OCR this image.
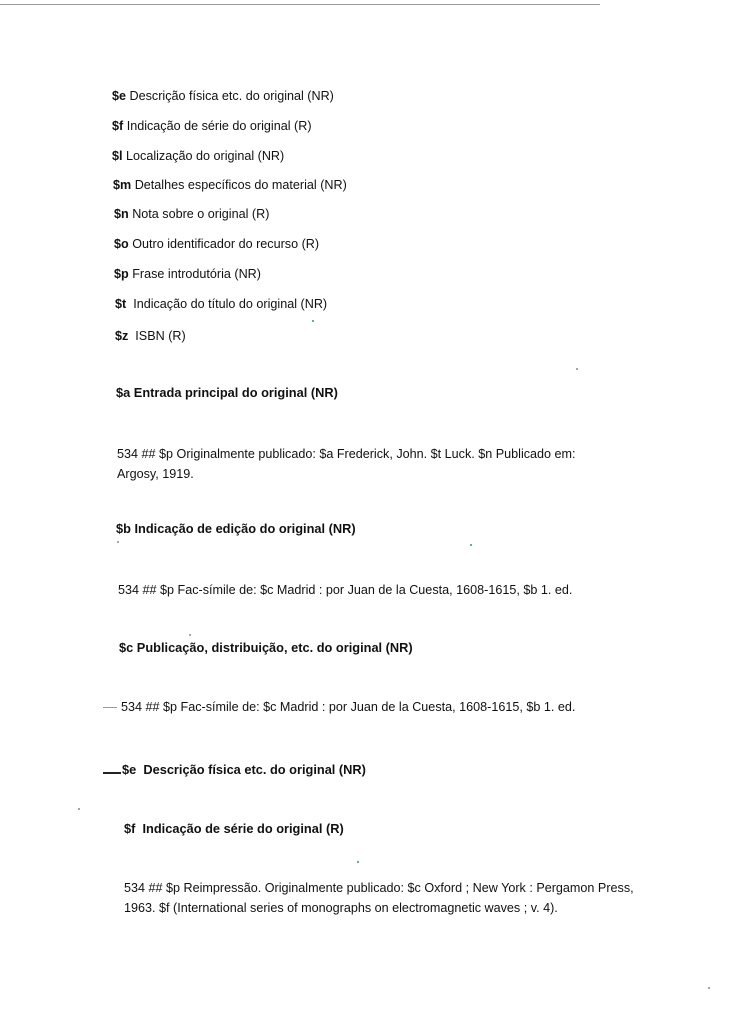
$e Descrição física etc. do original (NR)
$f Indicação de série do original (R)
$l Localização do original (NR)
$m Detalhes específicos do material (NR)
$n Nota sobre o original (R)
$o Outro identificador do recurso (R)
$p Frase introdutória (NR)
$t  Indicação do título do original (NR)
$z  ISBN (R)
$a Entrada principal do original (NR)
534 ## $p Originalmente publicado: $a Frederick, John. $t Luck. $n Publicado em: Argosy, 1919.
$b Indicação de edição do original (NR)
534 ## $p Fac-símile de: $c Madrid : por Juan de la Cuesta, 1608-1615, $b 1. ed.
$c Publicação, distribuição, etc. do original (NR)
534 ## $p Fac-símile de: $c Madrid : por Juan de la Cuesta, 1608-1615, $b 1. ed.
$e  Descrição física etc. do original (NR)
$f  Indicação de série do original (R)
534 ## $p Reimpressão. Originalmente publicado: $c Oxford ; New York : Pergamon Press, 1963. $f (International series of monographs on electromagnetic waves ; v. 4).
